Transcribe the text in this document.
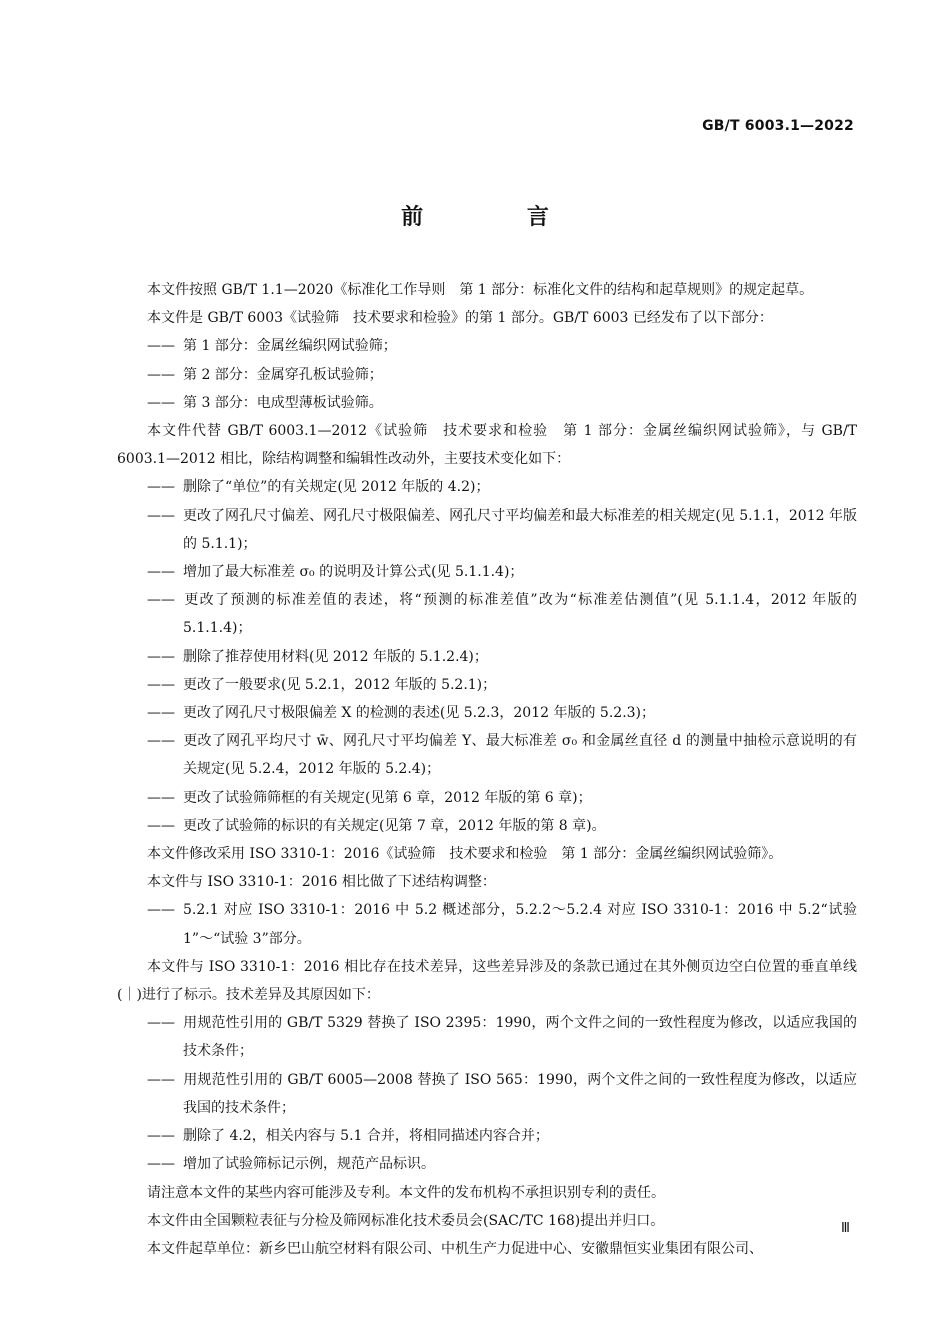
GB/T 6003.1—2022
前 言

本文件按照 GB/T 1.1—2020《标准化工作导则　第 1 部分：标准化文件的结构和起草规则》的规定起草。

本文件是 GB/T 6003《试验筛　技术要求和检验》的第 1 部分。GB/T 6003 已经发布了以下部分：

—— 第 1 部分：金属丝编织网试验筛；

—— 第 2 部分：金属穿孔板试验筛；

—— 第 3 部分：电成型薄板试验筛。

本文件代替 GB/T 6003.1—2012《试验筛　技术要求和检验　第 1 部分：金属丝编织网试验筛》，与 GB/T 6003.1—2012 相比，除结构调整和编辑性改动外，主要技术变化如下：

—— 删除了“单位”的有关规定(见 2012 年版的 4.2)；

—— 更改了网孔尺寸偏差、网孔尺寸极限偏差、网孔尺寸平均偏差和最大标准差的相关规定(见 5.1.1，2012 年版的 5.1.1)；

—— 增加了最大标准差 σ₀ 的说明及计算公式(见 5.1.1.4)；

—— 更改了预测的标准差值的表述，将“预测的标准差值”改为“标准差估测值”(见 5.1.1.4，2012 年版的 5.1.1.4)；

—— 删除了推荐使用材料(见 2012 年版的 5.1.2.4)；

—— 更改了一般要求(见 5.2.1，2012 年版的 5.2.1)；

—— 更改了网孔尺寸极限偏差 X 的检测的表述(见 5.2.3，2012 年版的 5.2.3)；

—— 更改了网孔平均尺寸 w̄、网孔尺寸平均偏差 Y、最大标准差 σ₀ 和金属丝直径 d 的测量中抽检示意说明的有关规定(见 5.2.4，2012 年版的 5.2.4)；

—— 更改了试验筛筛框的有关规定(见第 6 章，2012 年版的第 6 章)；

—— 更改了试验筛的标识的有关规定(见第 7 章，2012 年版的第 8 章)。

本文件修改采用 ISO 3310-1：2016《试验筛　技术要求和检验　第 1 部分：金属丝编织网试验筛》。

本文件与 ISO 3310-1：2016 相比做了下述结构调整：

—— 5.2.1 对应 ISO 3310-1：2016 中 5.2 概述部分，5.2.2～5.2.4 对应 ISO 3310-1：2016 中 5.2“试验 1”～“试验 3”部分。

本文件与 ISO 3310-1：2016 相比存在技术差异，这些差异涉及的条款已通过在其外侧页边空白位置的垂直单线(｜)进行了标示。技术差异及其原因如下：

—— 用规范性引用的 GB/T 5329 替换了 ISO 2395：1990，两个文件之间的一致性程度为修改，以适应我国的技术条件；

—— 用规范性引用的 GB/T 6005—2008 替换了 ISO 565：1990，两个文件之间的一致性程度为修改，以适应我国的技术条件；

—— 删除了 4.2，相关内容与 5.1 合并，将相同描述内容合并；

—— 增加了试验筛标记示例，规范产品标识。

请注意本文件的某些内容可能涉及专利。本文件的发布机构不承担识别专利的责任。

本文件由全国颗粒表征与分检及筛网标准化技术委员会(SAC/TC 168)提出并归口。

本文件起草单位：新乡巴山航空材料有限公司、中机生产力促进中心、安徽鼎恒实业集团有限公司、

Ⅲ
